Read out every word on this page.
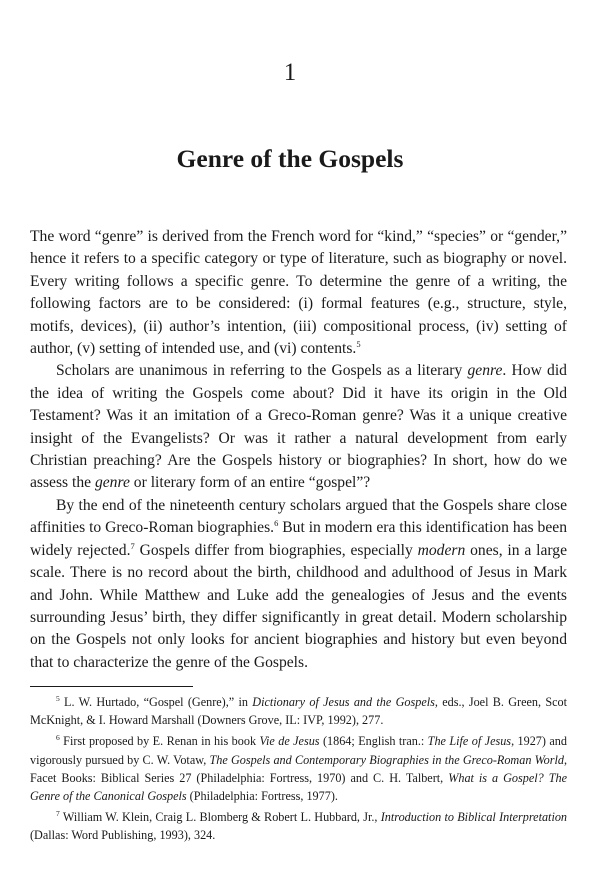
1
Genre of the Gospels

The word “genre” is derived from the French word for “kind,” “species” or “gender,” hence it refers to a specific category or type of literature, such as biography or novel. Every writing follows a specific genre. To determine the genre of a writing, the following factors are to be considered: (i) formal features (e.g., structure, style, motifs, devices), (ii) author’s intention, (iii) compositional process, (iv) setting of author, (v) setting of intended use, and (vi) contents.$^5$

Scholars are unanimous in referring to the Gospels as a literary genre. How did the idea of writing the Gospels come about? Did it have its origin in the Old Testament? Was it an imitation of a Greco-Roman genre? Was it a unique creative insight of the Evangelists? Or was it rather a natural development from early Christian preaching? Are the Gospels history or biographies? In short, how do we assess the genre or literary form of an entire “gospel”?

By the end of the nineteenth century scholars argued that the Gospels share close affinities to Greco-Roman biographies.$^6$ But in modern era this identification has been widely rejected.$^7$ Gospels differ from biographies, especially modern ones, in a large scale. There is no record about the birth, childhood and adulthood of Jesus in Mark and John. While Matthew and Luke add the genealogies of Jesus and the events surrounding Jesus’ birth, they differ significantly in great detail. Modern scholarship on the Gospels not only looks for ancient biographies and history but even beyond that to characterize the genre of the Gospels.

$^5$ L. W. Hurtado, “Gospel (Genre),” in Dictionary of Jesus and the Gospels, eds., Joel B. Green, Scot McKnight, & I. Howard Marshall (Downers Grove, IL: IVP, 1992), 277.

$^6$ First proposed by E. Renan in his book Vie de Jesus (1864; English tran.: The Life of Jesus, 1927) and vigorously pursued by C. W. Votaw, The Gospels and Contemporary Biographies in the Greco-Roman World, Facet Books: Biblical Series 27 (Philadelphia: Fortress, 1970) and C. H. Talbert, What is a Gospel? The Genre of the Canonical Gospels (Philadelphia: Fortress, 1977).

$^7$ William W. Klein, Craig L. Blomberg & Robert L. Hubbard, Jr., Introduction to Biblical Interpretation (Dallas: Word Publishing, 1993), 324.
